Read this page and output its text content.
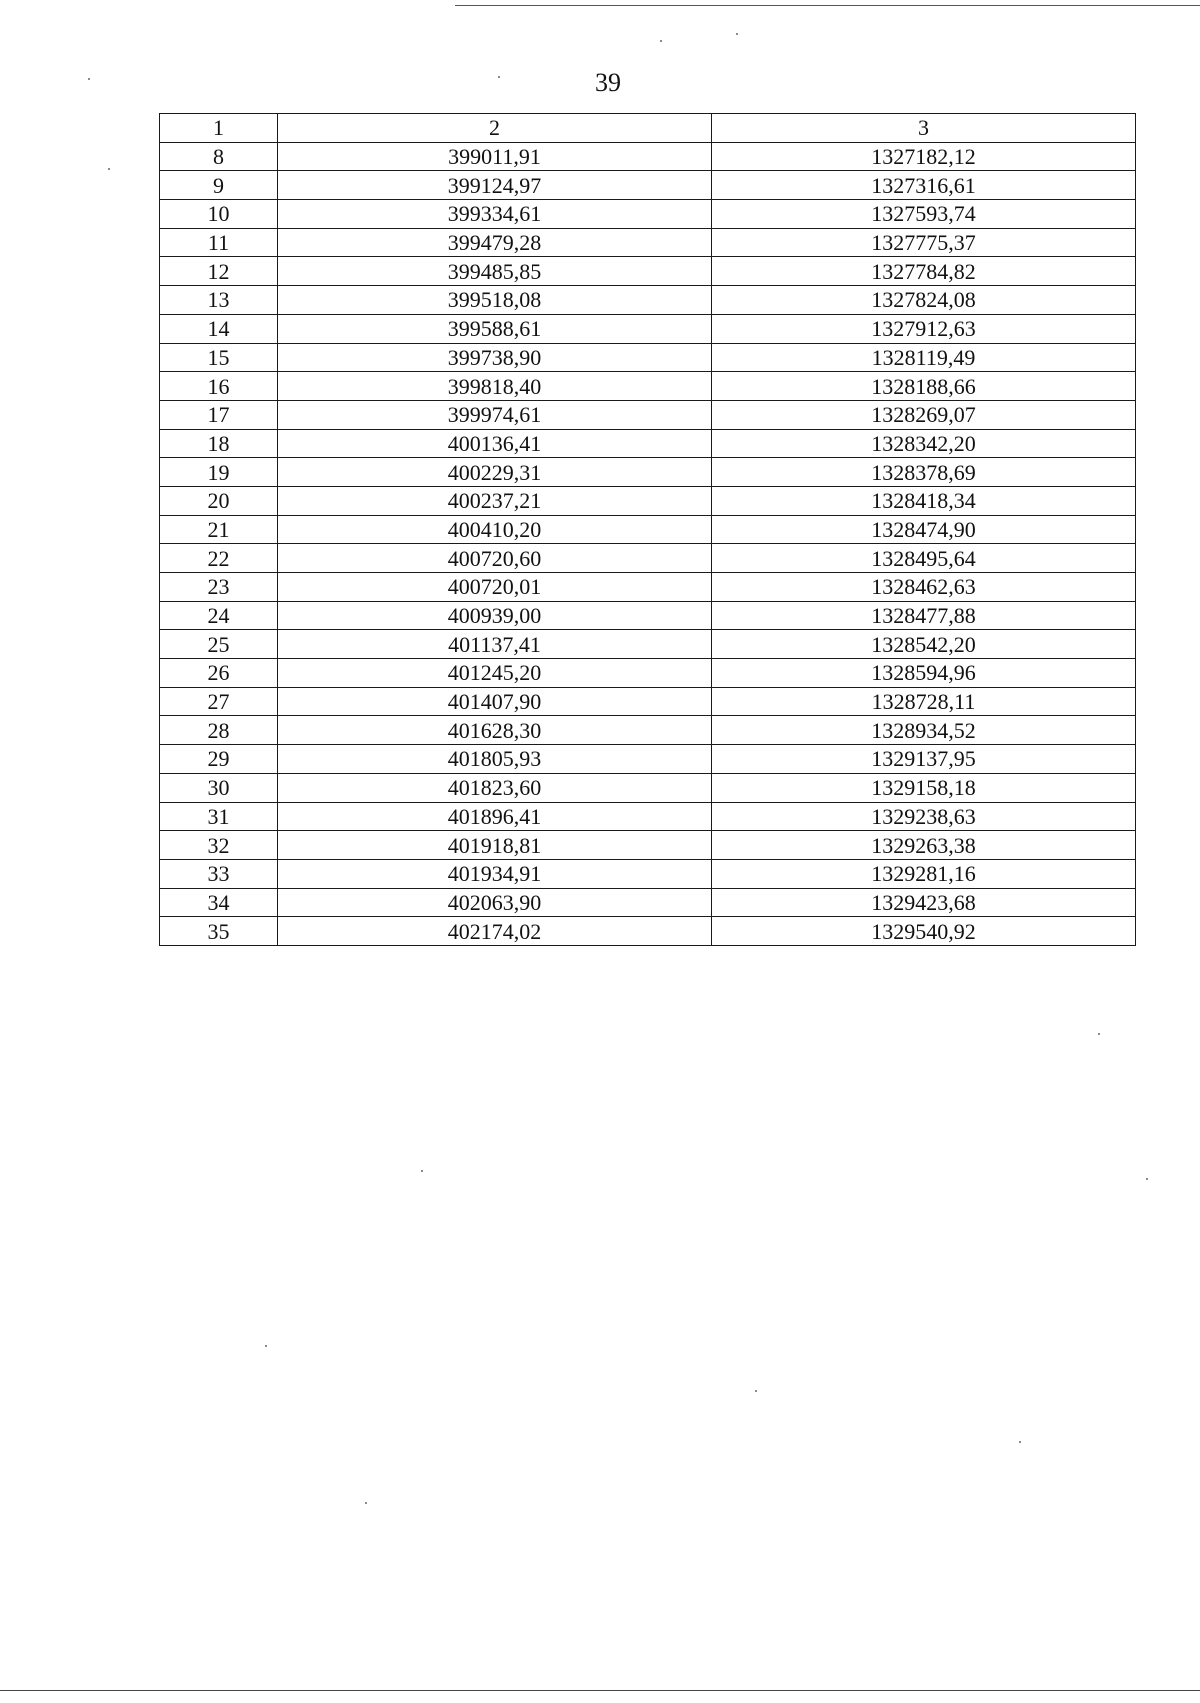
39
1	2	3
8	399011,91	1327182,12
9	399124,97	1327316,61
10	399334,61	1327593,74
11	399479,28	1327775,37
12	399485,85	1327784,82
13	399518,08	1327824,08
14	399588,61	1327912,63
15	399738,90	1328119,49
16	399818,40	1328188,66
17	399974,61	1328269,07
18	400136,41	1328342,20
19	400229,31	1328378,69
20	400237,21	1328418,34
21	400410,20	1328474,90
22	400720,60	1328495,64
23	400720,01	1328462,63
24	400939,00	1328477,88
25	401137,41	1328542,20
26	401245,20	1328594,96
27	401407,90	1328728,11
28	401628,30	1328934,52
29	401805,93	1329137,95
30	401823,60	1329158,18
31	401896,41	1329238,63
32	401918,81	1329263,38
33	401934,91	1329281,16
34	402063,90	1329423,68
35	402174,02	1329540,92
